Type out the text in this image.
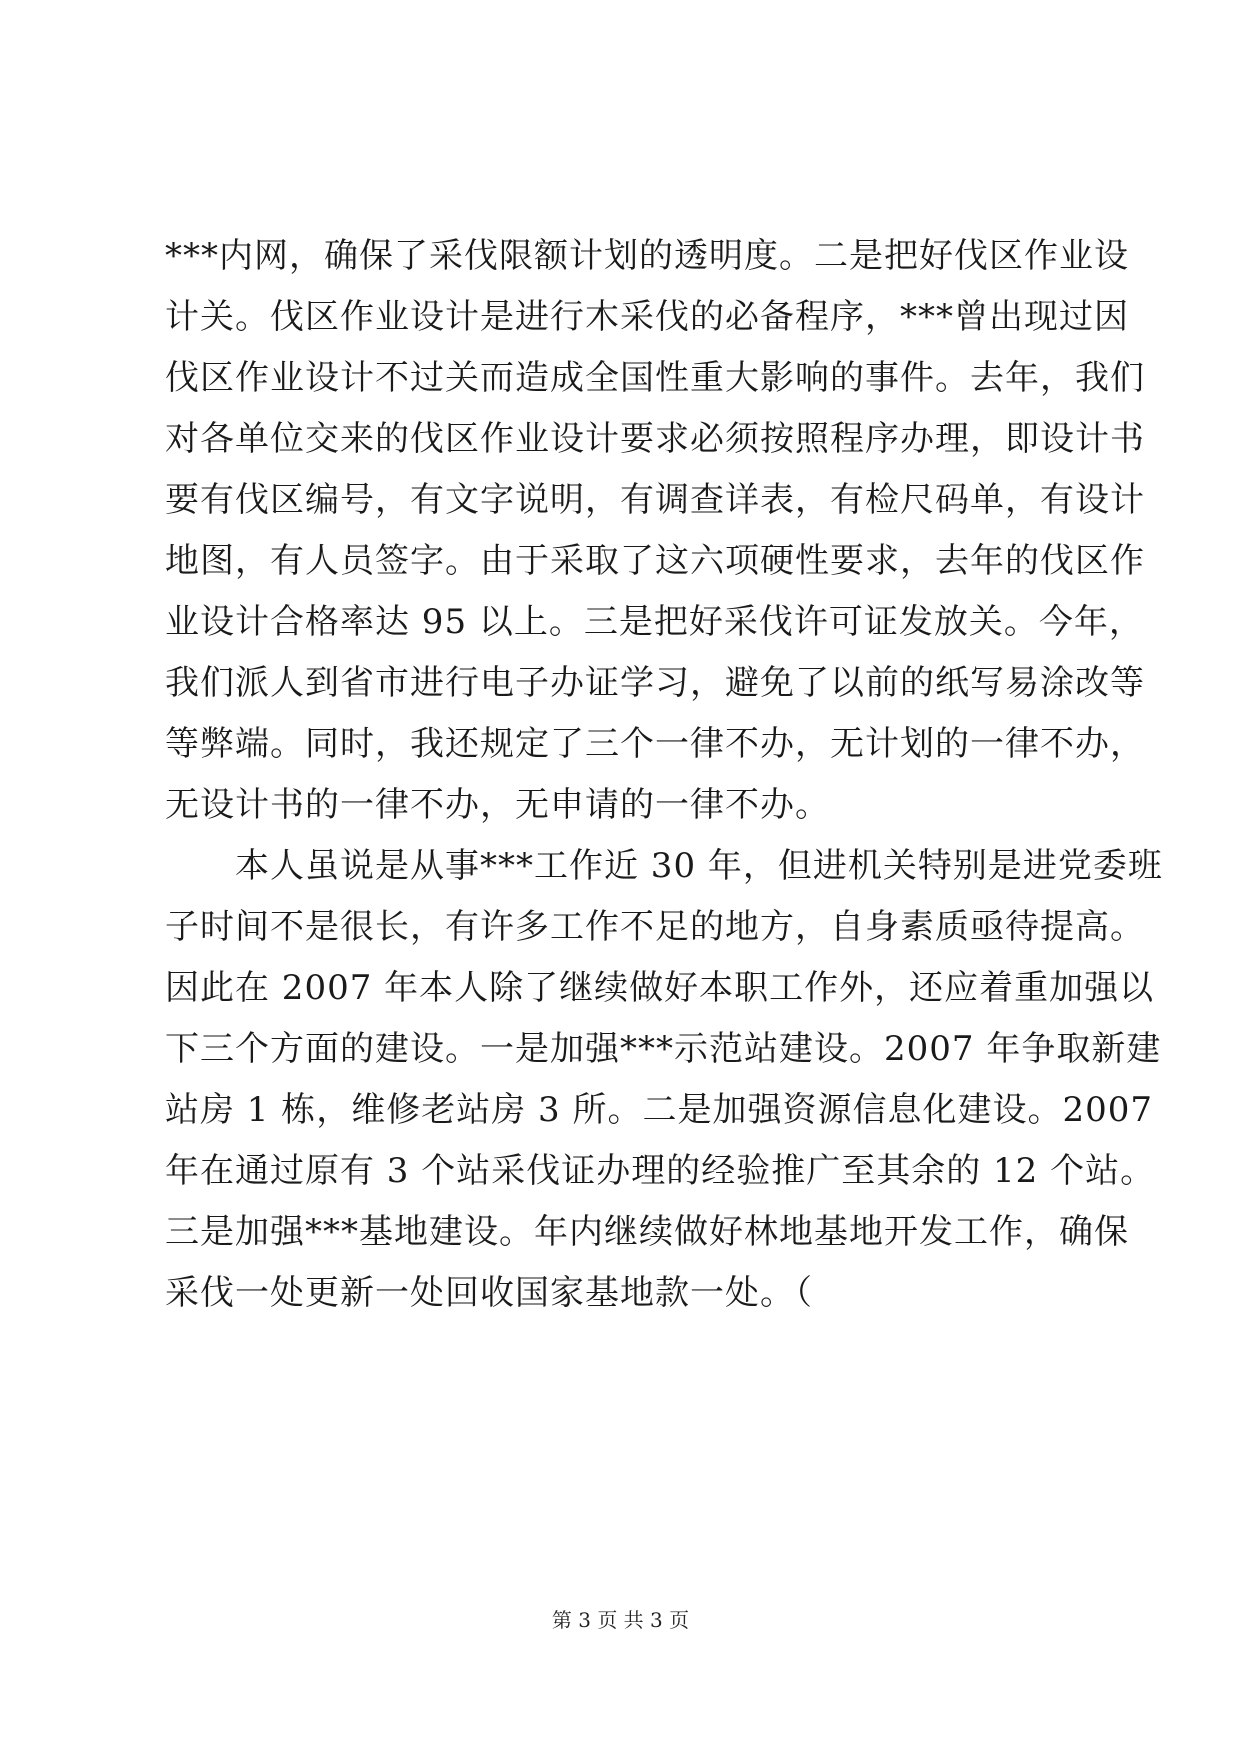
***内网，确保了采伐限额计划的透明度。二是把好伐区作业设
计关。伐区作业设计是进行木采伐的必备程序，***曾出现过因
伐区作业设计不过关而造成全国性重大影响的事件。去年，我们
对各单位交来的伐区作业设计要求必须按照程序办理，即设计书
要有伐区编号，有文字说明，有调查详表，有检尺码单，有设计
地图，有人员签字。由于采取了这六项硬性要求，去年的伐区作
业设计合格率达 95 以上。三是把好采伐许可证发放关。今年，
我们派人到省市进行电子办证学习，避免了以前的纸写易涂改等
等弊端。同时，我还规定了三个一律不办，无计划的一律不办，
无设计书的一律不办，无申请的一律不办。
　　本人虽说是从事***工作近 30 年，但进机关特别是进党委班
子时间不是很长，有许多工作不足的地方，自身素质亟待提高。
因此在 2007 年本人除了继续做好本职工作外，还应着重加强以
下三个方面的建设。一是加强***示范站建设。2007 年争取新建
站房 1 栋，维修老站房 3 所。二是加强资源信息化建设。2007
年在通过原有 3 个站采伐证办理的经验推广至其余的 12 个站。
三是加强***基地建设。年内继续做好林地基地开发工作，确保
采伐一处更新一处回收国家基地款一处。（
第 3 页 共 3 页
